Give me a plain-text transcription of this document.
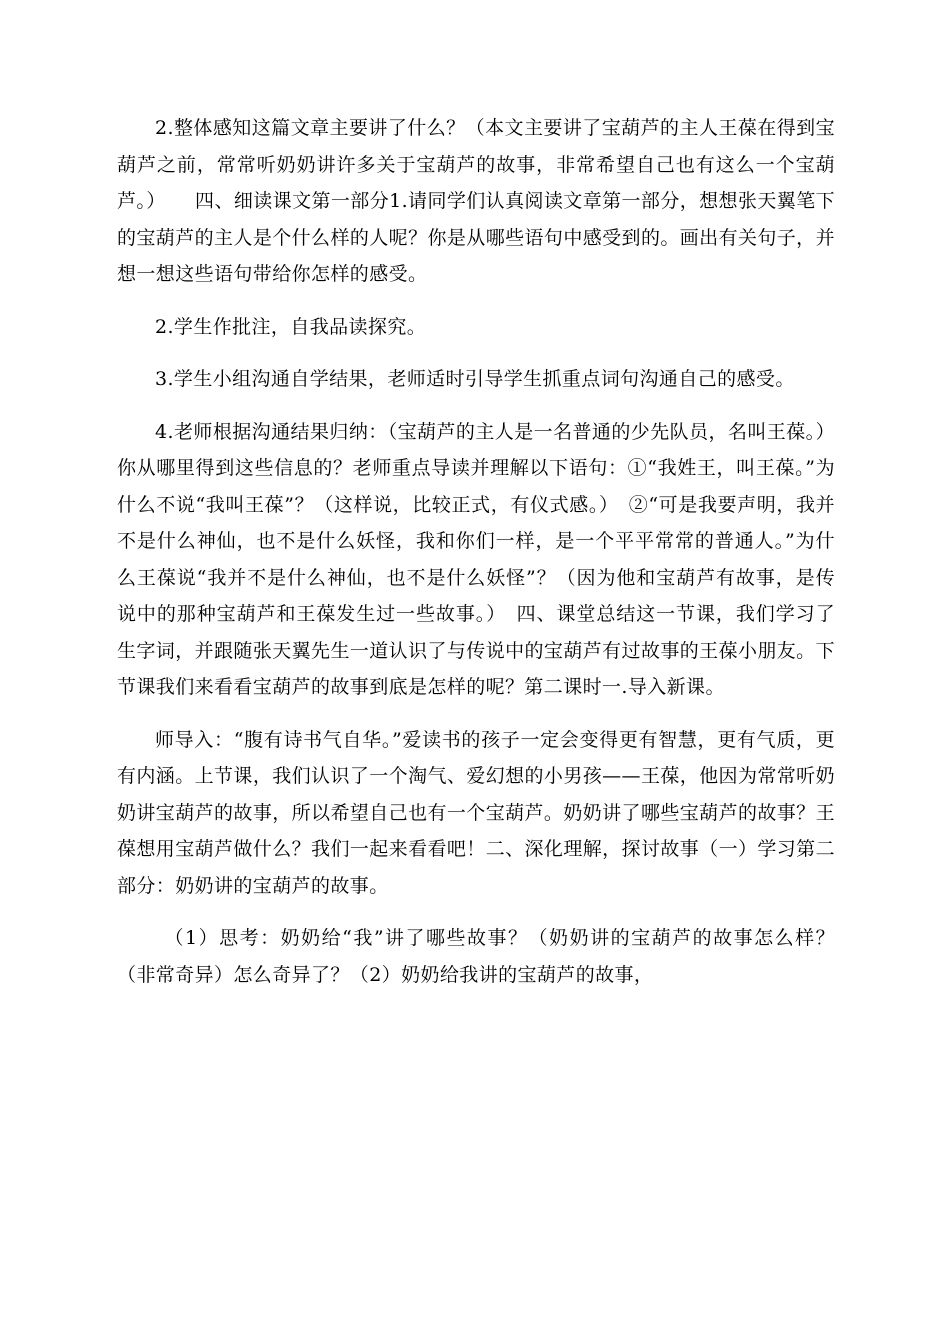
2.整体感知这篇文章主要讲了什么？（本文主要讲了宝葫芦的主人王葆在得到宝葫芦之前，常常听奶奶讲许多关于宝葫芦的故事，非常希望自己也有这么一个宝葫芦。）　　四、细读课文第一部分1.请同学们认真阅读文章第一部分，想想张天翼笔下的宝葫芦的主人是个什么样的人呢？你是从哪些语句中感受到的。画出有关句子，并想一想这些语句带给你怎样的感受。

2.学生作批注，自我品读探究。

3.学生小组沟通自学结果，老师适时引导学生抓重点词句沟通自己的感受。

4.老师根据沟通结果归纳：（宝葫芦的主人是一名普通的少先队员，名叫王葆。）你从哪里得到这些信息的？老师重点导读并理解以下语句：①“我姓王，叫王葆。”为什么不说“我叫王葆”？（这样说，比较正式，有仪式感。）　②“可是我要声明，我并不是什么神仙，也不是什么妖怪，我和你们一样，是一个平平常常的普通人。”为什么王葆说“我并不是什么神仙，也不是什么妖怪”？（因为他和宝葫芦有故事，是传说中的那种宝葫芦和王葆发生过一些故事。）　四、课堂总结这一节课，我们学习了生字词，并跟随张天翼先生一道认识了与传说中的宝葫芦有过故事的王葆小朋友。下节课我们来看看宝葫芦的故事到底是怎样的呢？第二课时一.导入新课。

师导入：“腹有诗书气自华。”爱读书的孩子一定会变得更有智慧，更有气质，更有内涵。上节课，我们认识了一个淘气、爱幻想的小男孩——王葆，他因为常常听奶奶讲宝葫芦的故事，所以希望自己也有一个宝葫芦。奶奶讲了哪些宝葫芦的故事？王葆想用宝葫芦做什么？我们一起来看看吧！二、深化理解，探讨故事（一）学习第二部分：奶奶讲的宝葫芦的故事。

（1）思考：奶奶给“我”讲了哪些故事？（奶奶讲的宝葫芦的故事怎么样？（非常奇异）怎么奇异了？（2）奶奶给我讲的宝葫芦的故事，
